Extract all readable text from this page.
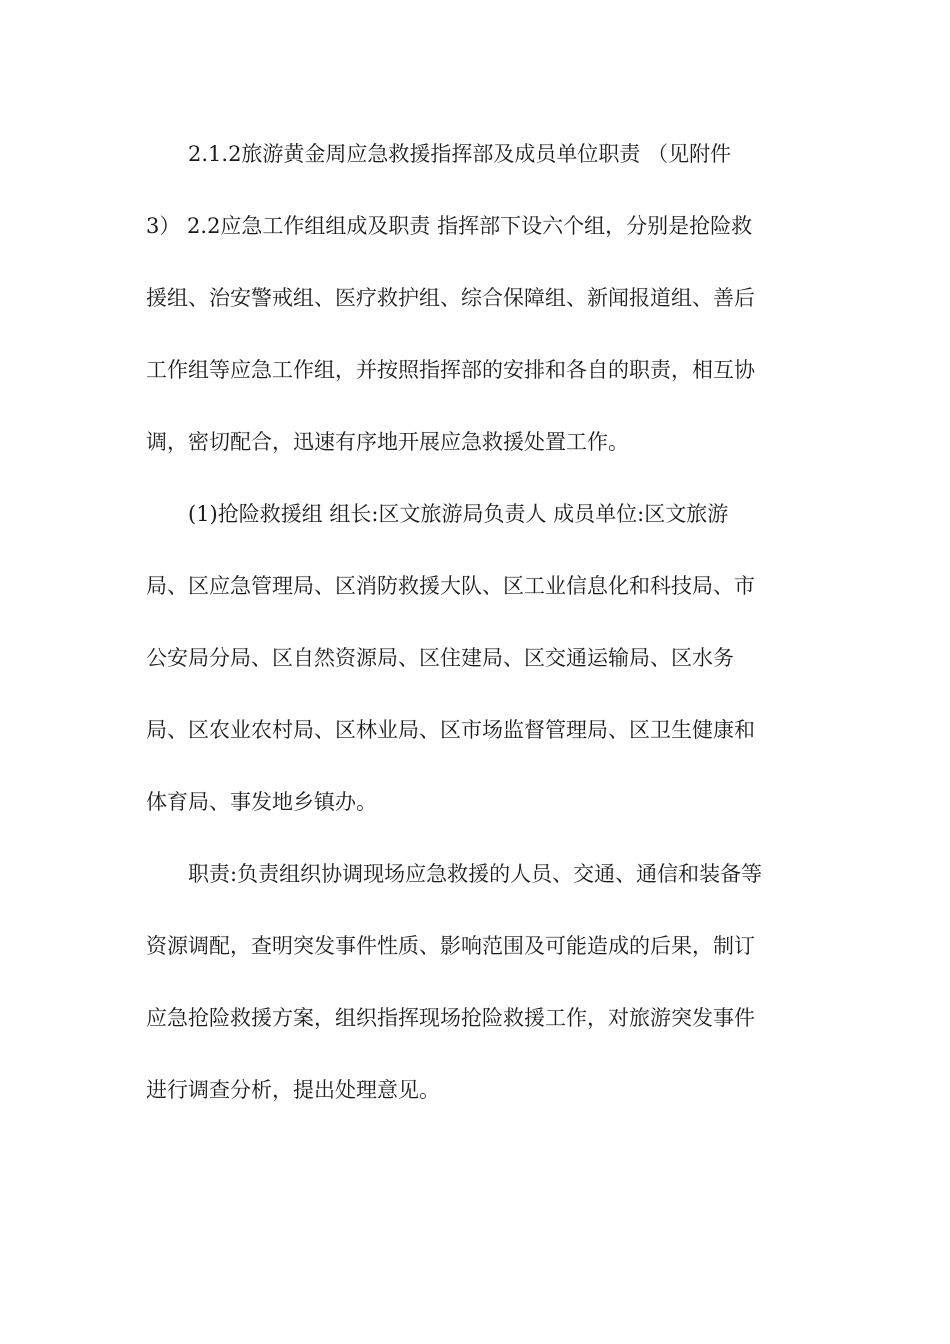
2.1.2旅游黄金周应急救援指挥部及成员单位职责 （见附件
3） 2.2应急工作组组成及职责 指挥部下设六个组，分别是抢险救
援组、治安警戒组、医疗救护组、综合保障组、新闻报道组、善后
工作组等应急工作组，并按照指挥部的安排和各自的职责，相互协
调，密切配合，迅速有序地开展应急救援处置工作。
(1)抢险救援组 组长:区文旅游局负责人 成员单位:区文旅游
局、区应急管理局、区消防救援大队、区工业信息化和科技局、市
公安局分局、区自然资源局、区住建局、区交通运输局、区水务
局、区农业农村局、区林业局、区市场监督管理局、区卫生健康和
体育局、事发地乡镇办。
职责:负责组织协调现场应急救援的人员、交通、通信和装备等
资源调配，查明突发事件性质、影响范围及可能造成的后果，制订
应急抢险救援方案，组织指挥现场抢险救援工作，对旅游突发事件
进行调查分析，提出处理意见。
